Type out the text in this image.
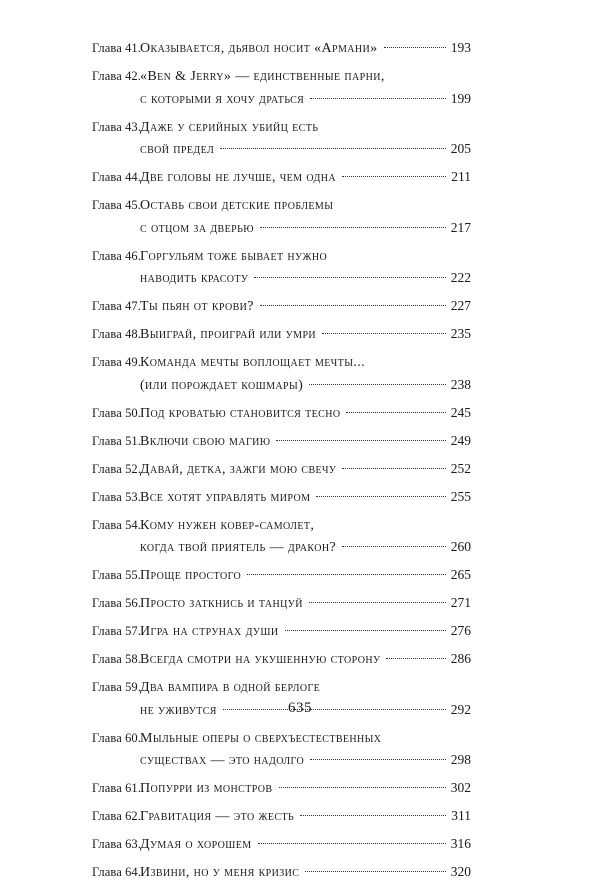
Глава 41.
Оказывается, дьявол носит «Армани»	193
Глава 42.
«Ben & Jerry» — единственные парни,
с которыми я хочу драться	199
Глава 43.
Даже у серийных убийц есть
свой предел	205
Глава 44.
Две головы не лучше, чем одна	211
Глава 45.
Оставь свои детские проблемы
с отцом за дверью	217
Глава 46.
Горгульям тоже бывает нужно
наводить красоту	222
Глава 47.
Ты пьян от крови?	227
Глава 48.
Выиграй, проиграй или умри	235
Глава 49.
Команда мечты воплощает мечты...
(или порождает кошмары)	238
Глава 50.
Под кроватью становится тесно	245
Глава 51.
Включи свою магию	249
Глава 52.
Давай, детка, зажги мою свечу	252
Глава 53.
Все хотят управлять миром	255
Глава 54.
Кому нужен ковер-самолет,
когда твой приятель — дракон?	260
Глава 55.
Проще простого	265
Глава 56.
Просто заткнись и танцуй	271
Глава 57.
Игра на струнах души	276
Глава 58.
Всегда смотри на укушенную сторону	286
Глава 59.
Два вампира в одной берлоге
не уживутся	292
Глава 60.
Мыльные оперы о сверхъестественных
существах — это надолго	298
Глава 61.
Попурри из монстров	302
Глава 62.
Гравитация — это жесть	311
Глава 63.
Думая о хорошем	316
Глава 64.
Извини, но у меня кризис	320
635
